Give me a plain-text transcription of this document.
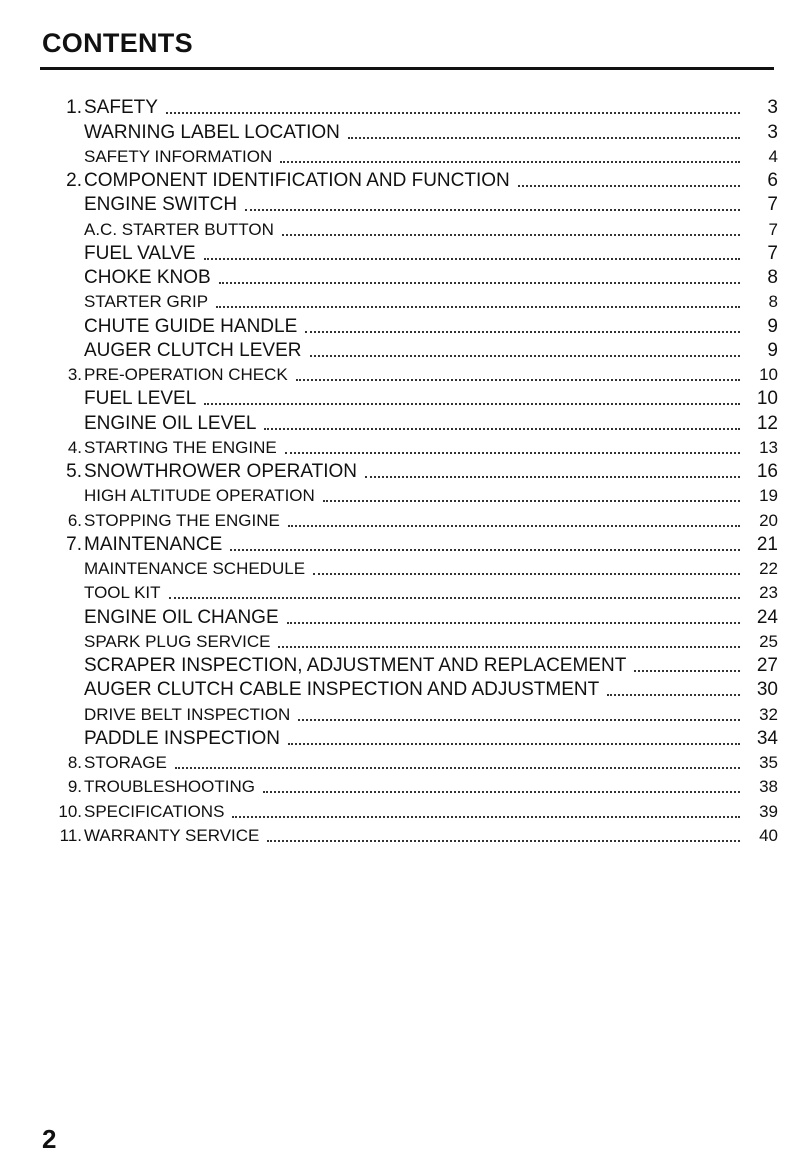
CONTENTS
1. SAFETY	3
WARNING LABEL LOCATION	3
SAFETY INFORMATION	4
2. COMPONENT IDENTIFICATION AND FUNCTION	6
ENGINE SWITCH	7
A.C. STARTER BUTTON	7
FUEL VALVE	7
CHOKE KNOB	8
STARTER GRIP	8
CHUTE GUIDE HANDLE	9
AUGER CLUTCH LEVER	9
3. PRE-OPERATION CHECK	10
FUEL LEVEL	10
ENGINE OIL LEVEL	12
4. STARTING THE ENGINE	13
5. SNOWTHROWER OPERATION	16
HIGH ALTITUDE OPERATION	19
6. STOPPING THE ENGINE	20
7. MAINTENANCE	21
MAINTENANCE SCHEDULE	22
TOOL KIT	23
ENGINE OIL CHANGE	24
SPARK PLUG SERVICE	25
SCRAPER INSPECTION, ADJUSTMENT AND REPLACEMENT	27
AUGER CLUTCH CABLE INSPECTION AND ADJUSTMENT	30
DRIVE BELT INSPECTION	32
PADDLE INSPECTION	34
8. STORAGE	35
9. TROUBLESHOOTING	38
10. SPECIFICATIONS	39
11. WARRANTY SERVICE	40
2
